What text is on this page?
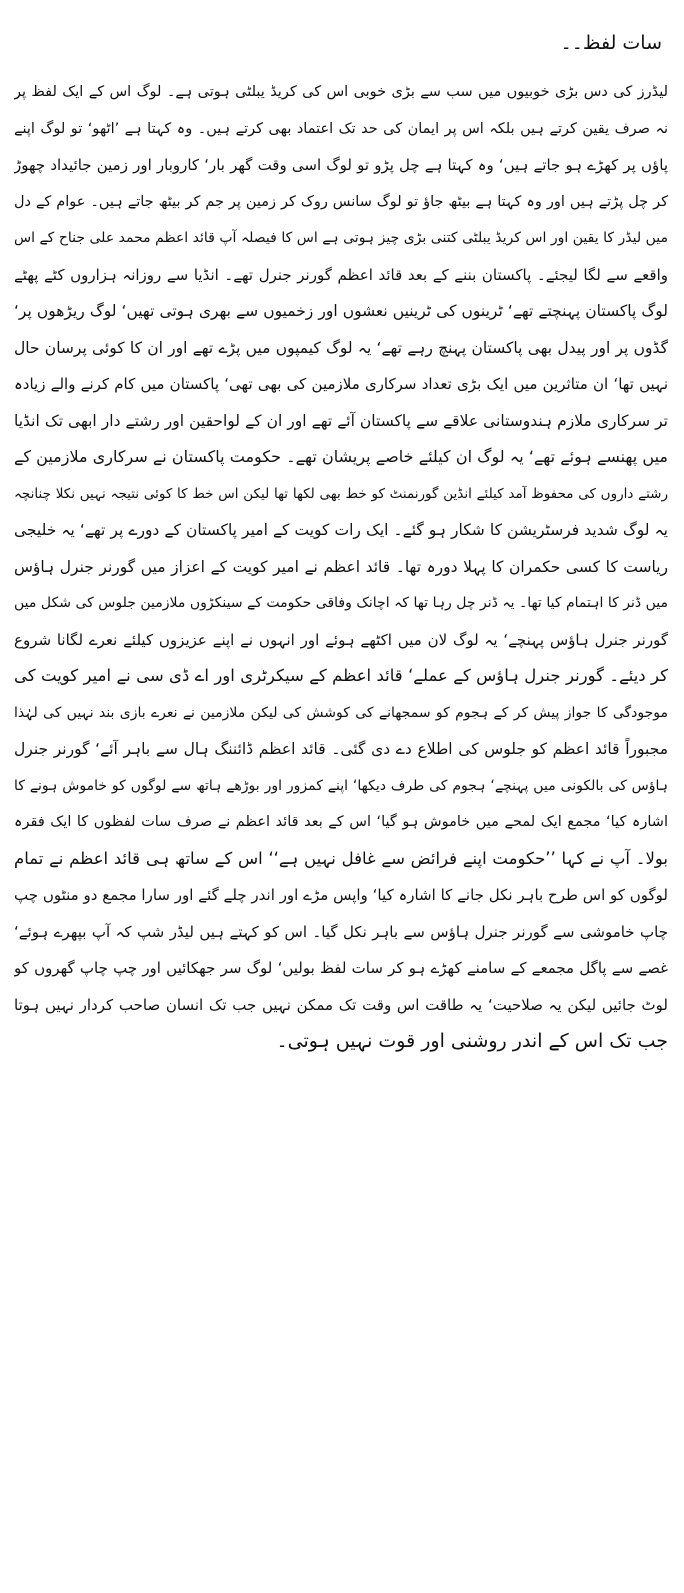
سات لفظ۔۔
لیڈرز کی دس بڑی خوبیوں میں سب سے بڑی خوبی اس کی کریڈ یبلٹی ہوتی ہے۔ لوگ اس کے ایک لفظ پر
نہ صرف یقین کرتے ہیں بلکہ اس پر ایمان کی حد تک اعتماد بھی کرتے ہیں۔ وہ کہتا ہے ’اٹھو‘ تو لوگ اپنے
پاؤں پر کھڑے ہو جاتے ہیں‘ وہ کہتا ہے چل پڑو تو لوگ اسی وقت گھر بار‘ کاروبار اور زمین جائیداد چھوڑ
کر چل پڑتے ہیں اور وہ کہتا ہے بیٹھ جاؤ تو لوگ سانس روک کر زمین پر جم کر بیٹھ جاتے ہیں۔ عوام کے دل
میں لیڈر کا یقین اور اس کریڈ یبلٹی کتنی بڑی چیز ہوتی ہے اس کا فیصلہ آپ قائد اعظم محمد علی جناح کے اس
واقعے سے لگا لیجئے۔ پاکستان بننے کے بعد قائد اعظم گورنر جنرل تھے۔ انڈیا سے روزانہ ہزاروں کٹے پھٹے
لوگ پاکستان پہنچتے تھے‘ ٹرینوں کی ٹرینیں نعشوں اور زخمیوں سے بھری ہوتی تھیں‘ لوگ ریڑھوں پر‘
گڈوں پر اور پیدل بھی پاکستان پہنچ رہے تھے‘ یہ لوگ کیمپوں میں پڑے تھے اور ان کا کوئی پرسان حال
نہیں تھا‘ ان متاثرین میں ایک بڑی تعداد سرکاری ملازمین کی بھی تھی‘ پاکستان میں کام کرنے والے زیادہ
تر سرکاری ملازم ہندوستانی علاقے سے پاکستان آئے تھے اور ان کے لواحقین اور رشتے دار ابھی تک انڈیا
میں پھنسے ہوئے تھے‘ یہ لوگ ان کیلئے خاصے پریشان تھے۔ حکومت پاکستان نے سرکاری ملازمین کے
رشتے داروں کی محفوظ آمد کیلئے انڈین گورنمنٹ کو خط بھی لکھا تھا لیکن اس خط کا کوئی نتیجہ نہیں نکلا چنانچہ
یہ لوگ شدید فرسٹریشن کا شکار ہو گئے۔ ایک رات کویت کے امیر پاکستان کے دورے پر تھے‘ یہ خلیجی
ریاست کا کسی حکمران کا پہلا دورہ تھا۔ قائد اعظم نے امیر کویت کے اعزاز میں گورنر جنرل ہاؤس
میں ڈنر کا اہتمام کیا تھا۔ یہ ڈنر چل رہا تھا کہ اچانک وفاقی حکومت کے سینکڑوں ملازمین جلوس کی شکل میں
گورنر جنرل ہاؤس پہنچے‘ یہ لوگ لان میں اکٹھے ہوئے اور انہوں نے اپنے عزیزوں کیلئے نعرے لگانا شروع
کر دیئے۔ گورنر جنرل ہاؤس کے عملے‘ قائد اعظم کے سیکرٹری اور اے ڈی سی نے امیر کویت کی
موجودگی کا جواز پیش کر کے ہجوم کو سمجھانے کی کوشش کی لیکن ملازمین نے نعرے بازی بند نہیں کی لہٰذا
مجبوراً قائد اعظم کو جلوس کی اطلاع دے دی گئی۔ قائد اعظم ڈائننگ ہال سے باہر آئے‘ گورنر جنرل
ہاؤس کی بالکونی میں پہنچے‘ ہجوم کی طرف دیکھا‘ اپنے کمزور اور بوڑھے ہاتھ سے لوگوں کو خاموش ہونے کا
اشارہ کیا‘ مجمع ایک لمحے میں خاموش ہو گیا‘ اس کے بعد قائد اعظم نے صرف سات لفظوں کا ایک فقرہ
بولا۔ آپ نے کہا ’’حکومت اپنے فرائض سے غافل نہیں ہے‘‘ اس کے ساتھ ہی قائد اعظم نے تمام
لوگوں کو اس طرح باہر نکل جانے کا اشارہ کیا‘ واپس مڑے اور اندر چلے گئے اور سارا مجمع دو منٹوں چپ
چاپ خاموشی سے گورنر جنرل ہاؤس سے باہر نکل گیا۔ اس کو کہتے ہیں لیڈر شپ کہ آپ بپھرے ہوئے‘
غصے سے پاگل مجمعے کے سامنے کھڑے ہو کر سات لفظ بولیں‘ لوگ سر جھکائیں اور چپ چاپ گھروں کو
لوٹ جائیں لیکن یہ صلاحیت‘ یہ طاقت اس وقت تک ممکن نہیں جب تک انسان صاحب کردار نہیں ہوتا
جب تک اس کے اندر روشنی اور قوت نہیں ہوتی۔
